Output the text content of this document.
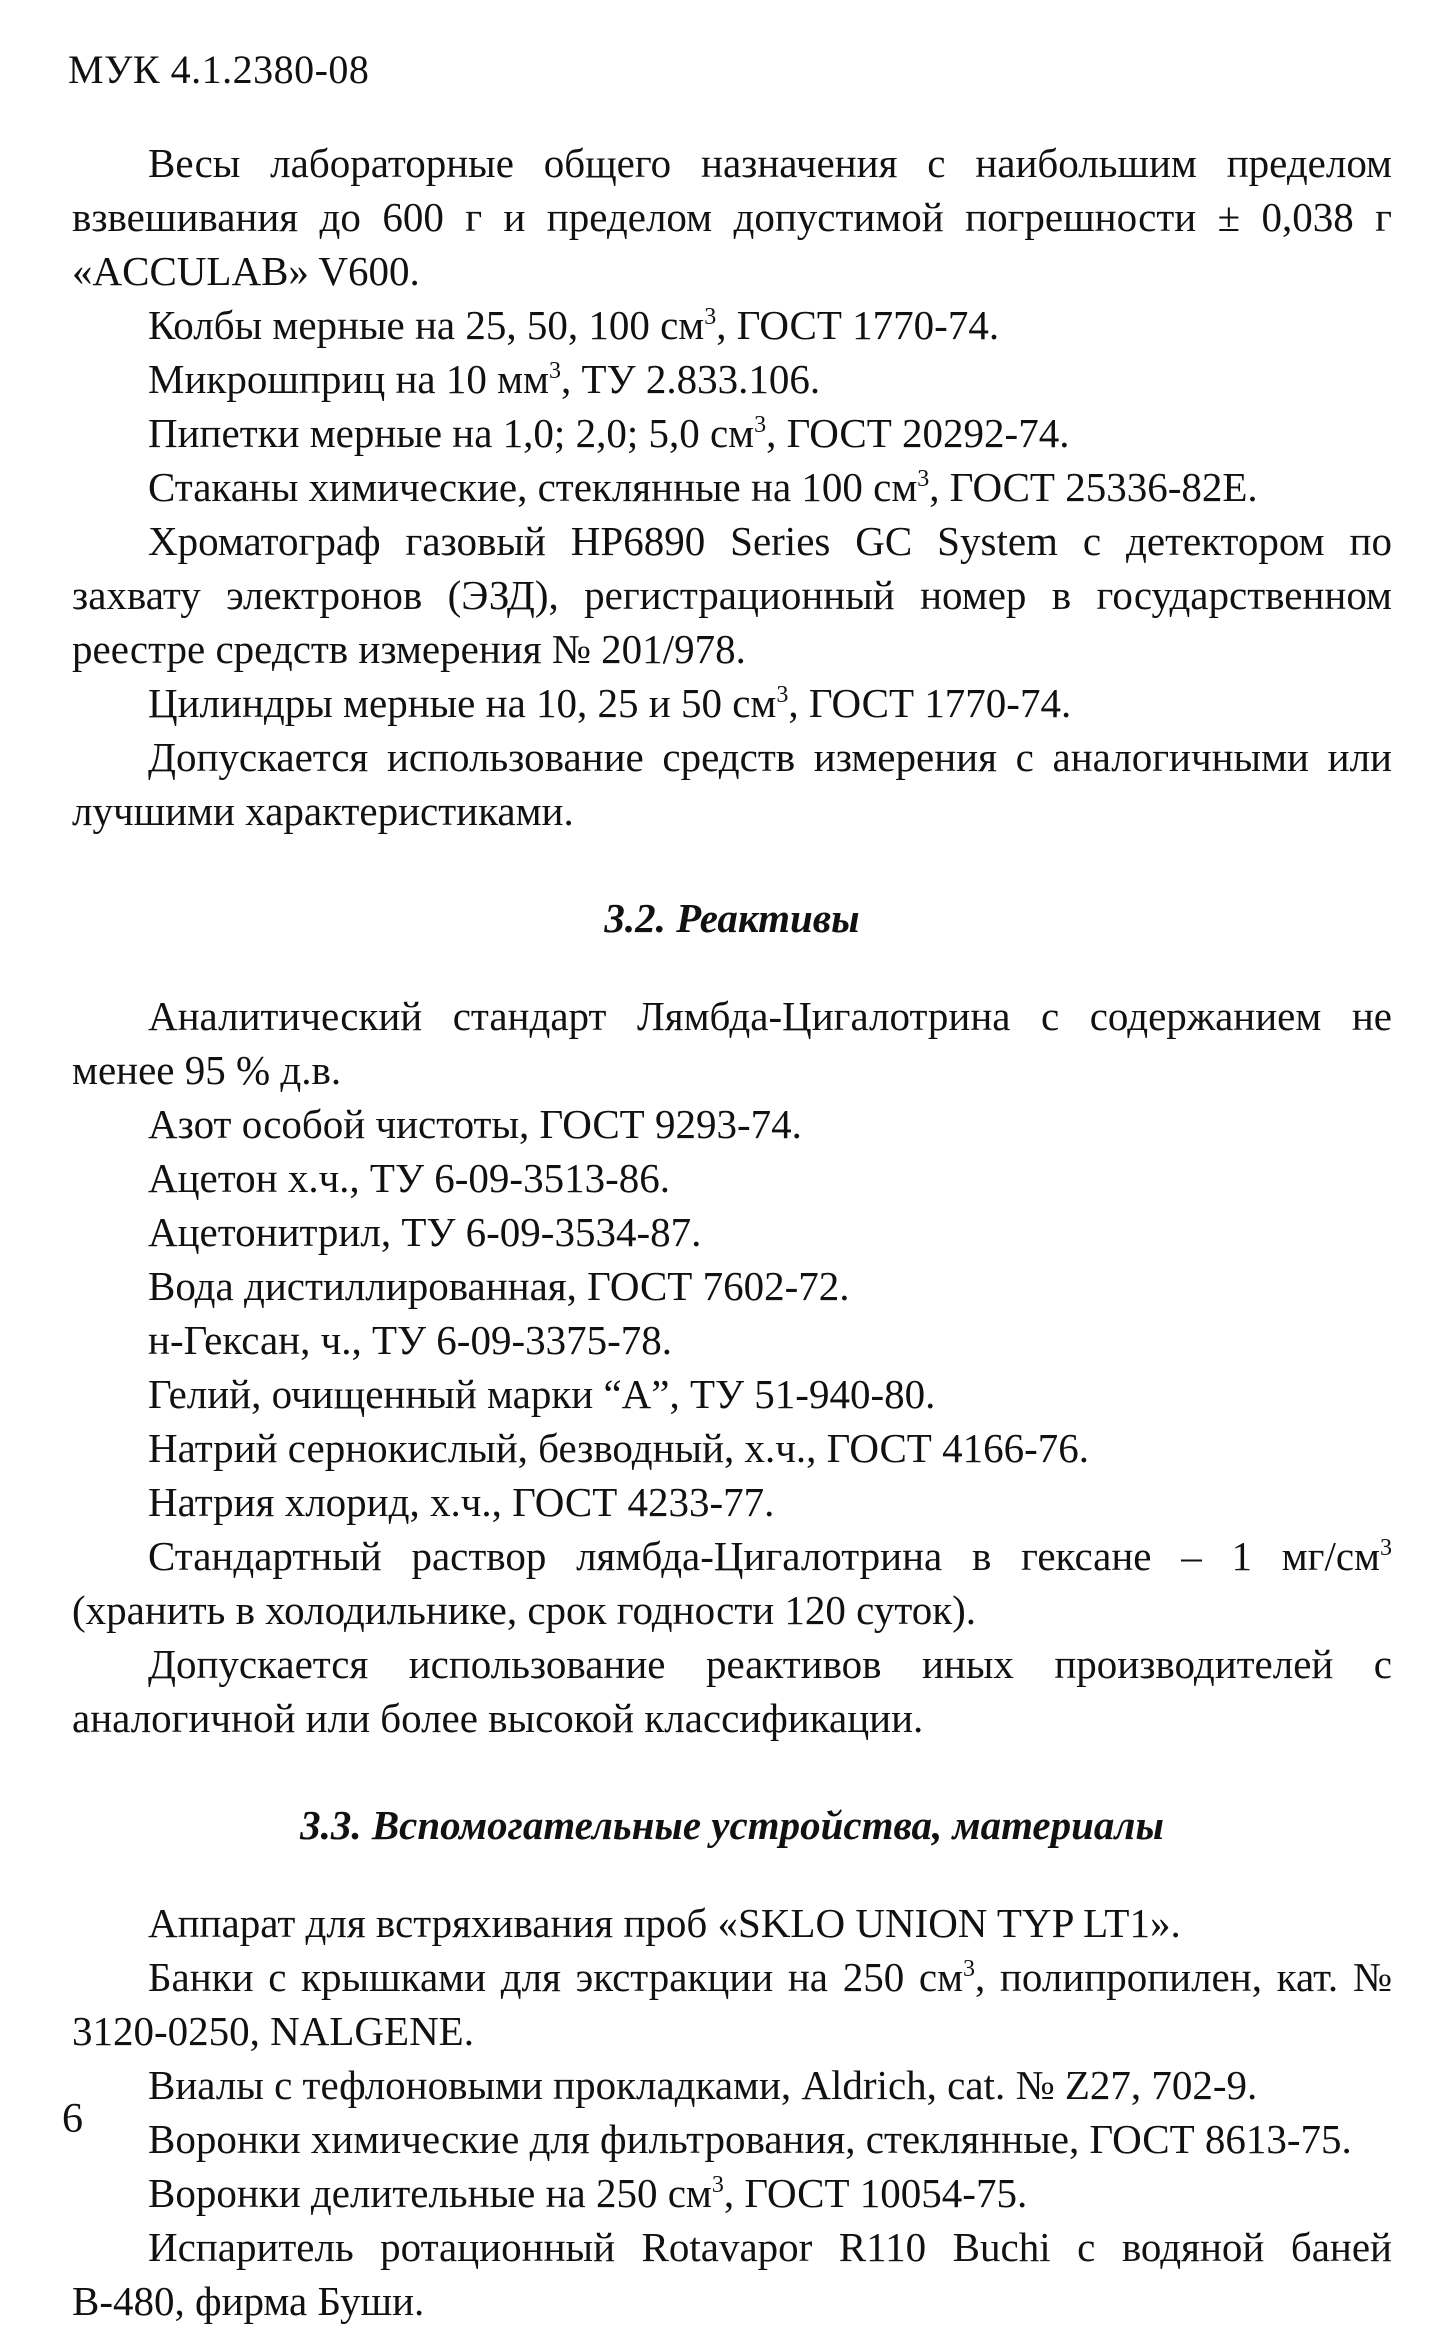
МУК 4.1.2380-08

Весы лабораторные общего назначения с наибольшим пределом взвешивания до 600 г и пределом допустимой погрешности ± 0,038 г «ACCULAB» V600.

Колбы мерные на 25, 50, 100 $см^3$, ГОСТ 1770-74.

Микрошприц на 10 $мм^3$, ТУ 2.833.106.

Пипетки мерные на 1,0; 2,0; 5,0 $см^3$, ГОСТ 20292-74.

Стаканы химические, стеклянные на 100 $см^3$, ГОСТ 25336-82Е.

Хроматограф газовый HP6890 Series GC System с детектором по захвату электронов (ЭЗД), регистрационный номер в государственном реестре средств измерения № 201/978.

Цилиндры мерные на 10, 25 и 50 $см^3$, ГОСТ 1770-74.

Допускается использование средств измерения с аналогичными или лучшими характеристиками.

3.2. Реактивы

Аналитический стандарт Лямбда-Цигалотрина с содержанием не менее 95 % д.в.

Азот особой чистоты, ГОСТ 9293-74.

Ацетон х.ч., ТУ 6-09-3513-86.

Ацетонитрил, ТУ 6-09-3534-87.

Вода дистиллированная, ГОСТ 7602-72.

н-Гексан, ч., ТУ 6-09-3375-78.

Гелий, очищенный марки “А”, ТУ 51-940-80.

Натрий сернокислый, безводный, х.ч., ГОСТ 4166-76.

Натрия хлорид, х.ч., ГОСТ 4233-77.

Стандартный раствор лямбда-Цигалотрина в гексане – 1 $мг/см^3$ (хранить в холодильнике, срок годности 120 суток).

Допускается использование реактивов иных производителей с аналогичной или более высокой классификации.

3.3. Вспомогательные устройства, материалы

Аппарат для встряхивания проб «SKLO UNION TYP LT1».

Банки с крышками для экстракции на 250 $см^3$, полипропилен, кат. № 3120-0250, NALGENE.

Виалы с тефлоновыми прокладками, Aldrich, cat. № Z27, 702-9.

Воронки химические для фильтрования, стеклянные, ГОСТ 8613-75.

Воронки делительные на 250 $см^3$, ГОСТ 10054-75.

Испаритель ротационный Rotavapor R110 Buchi с водяной баней В-480, фирма Буши.

6
